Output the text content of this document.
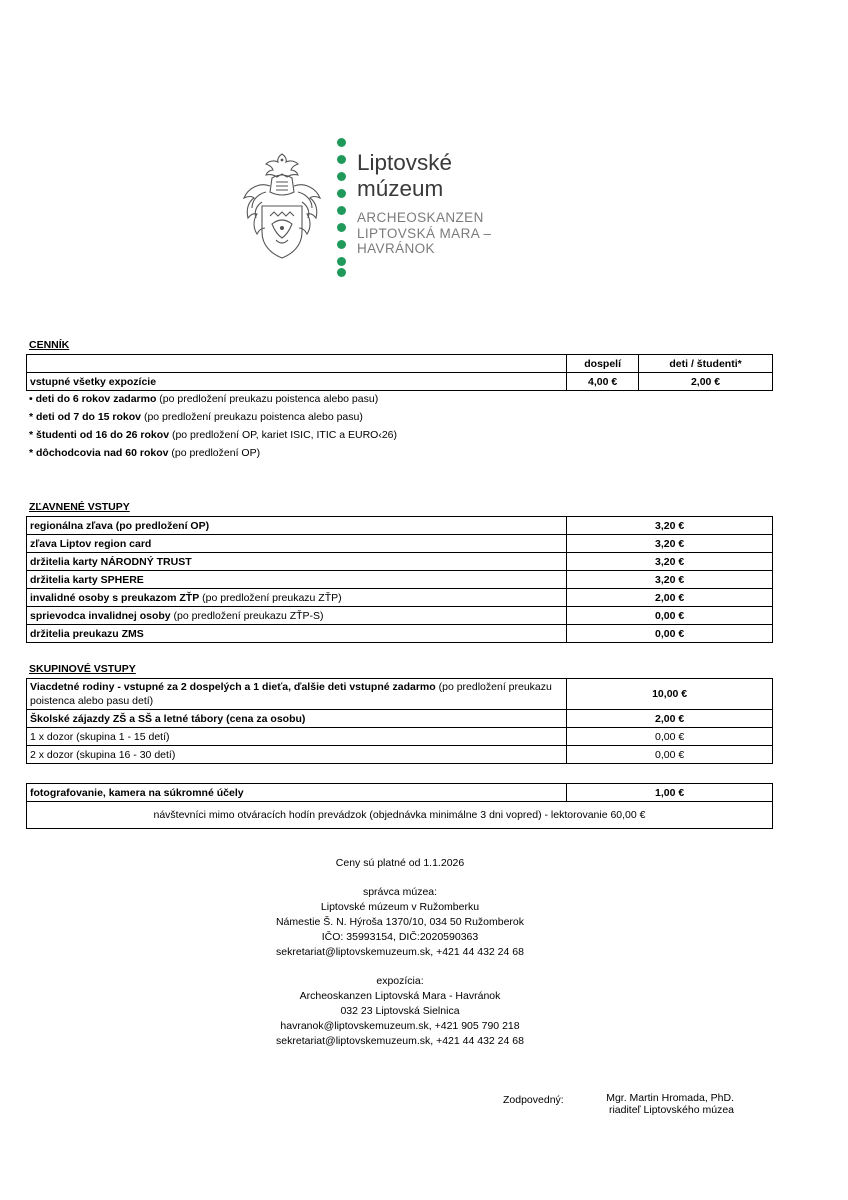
Liptovské
múzeum
ARCHEOSKANZEN
LIPTOVSKÁ MARA –
HAVRÁNOK
CENNÍK
	dospelí	deti / študenti*
vstupné všetky expozície	4,00 €	2,00 €
• deti do 6 rokov zadarmo (po predložení preukazu poistenca alebo pasu)
* deti od 7 do 15 rokov (po predložení preukazu poistenca alebo pasu)
* študenti od 16 do 26 rokov (po predložení OP, kariet ISIC, ITIC a EURO‹26)
* dôchodcovia nad 60 rokov (po predložení OP)
ZĽAVNENÉ VSTUPY
regionálna zľava (po predložení OP)	3,20 €
zľava Liptov region card	3,20 €
držitelia karty NÁRODNÝ TRUST	3,20 €
držitelia karty SPHERE	3,20 €
invalidné osoby s preukazom ZŤP (po predložení preukazu ZŤP)	2,00 €
sprievodca invalidnej osoby (po predložení preukazu ZŤP-S)	0,00 €
držitelia preukazu ZMS	0,00 €
SKUPINOVÉ VSTUPY
Viacdetné rodiny - vstupné za 2 dospelých a 1 dieťa, ďalšie deti vstupné zadarmo (po predložení preukazu poistenca alebo pasu detí)	10,00 €
Školské zájazdy ZŠ a SŠ a letné tábory (cena za osobu)	2,00 €
1 x dozor (skupina 1 - 15 detí)	0,00 €
2 x dozor (skupina 16 - 30 detí)	0,00 €
fotografovanie, kamera na súkromné účely	1,00 €
návštevníci mimo otváracích hodín prevádzok (objednávka minimálne 3 dni vopred) - lektorovanie 60,00 €
Ceny sú platné od 1.1.2026
správca múzea:
Liptovské múzeum v Ružomberku
Námestie Š. N. Hýroša 1370/10, 034 50 Ružomberok
IČO: 35993154, DIČ:2020590363
sekretariat@liptovskemuzeum.sk, +421 44 432 24 68
expozícia:
Archeoskanzen Liptovská Mara - Havránok
032 23 Liptovská Sielnica
havranok@liptovskemuzeum.sk, +421 905 790 218
sekretariat@liptovskemuzeum.sk, +421 44 432 24 68
Zodpovedný:	Mgr. Martin Hromada, PhD.
riaditeľ Liptovského múzea
